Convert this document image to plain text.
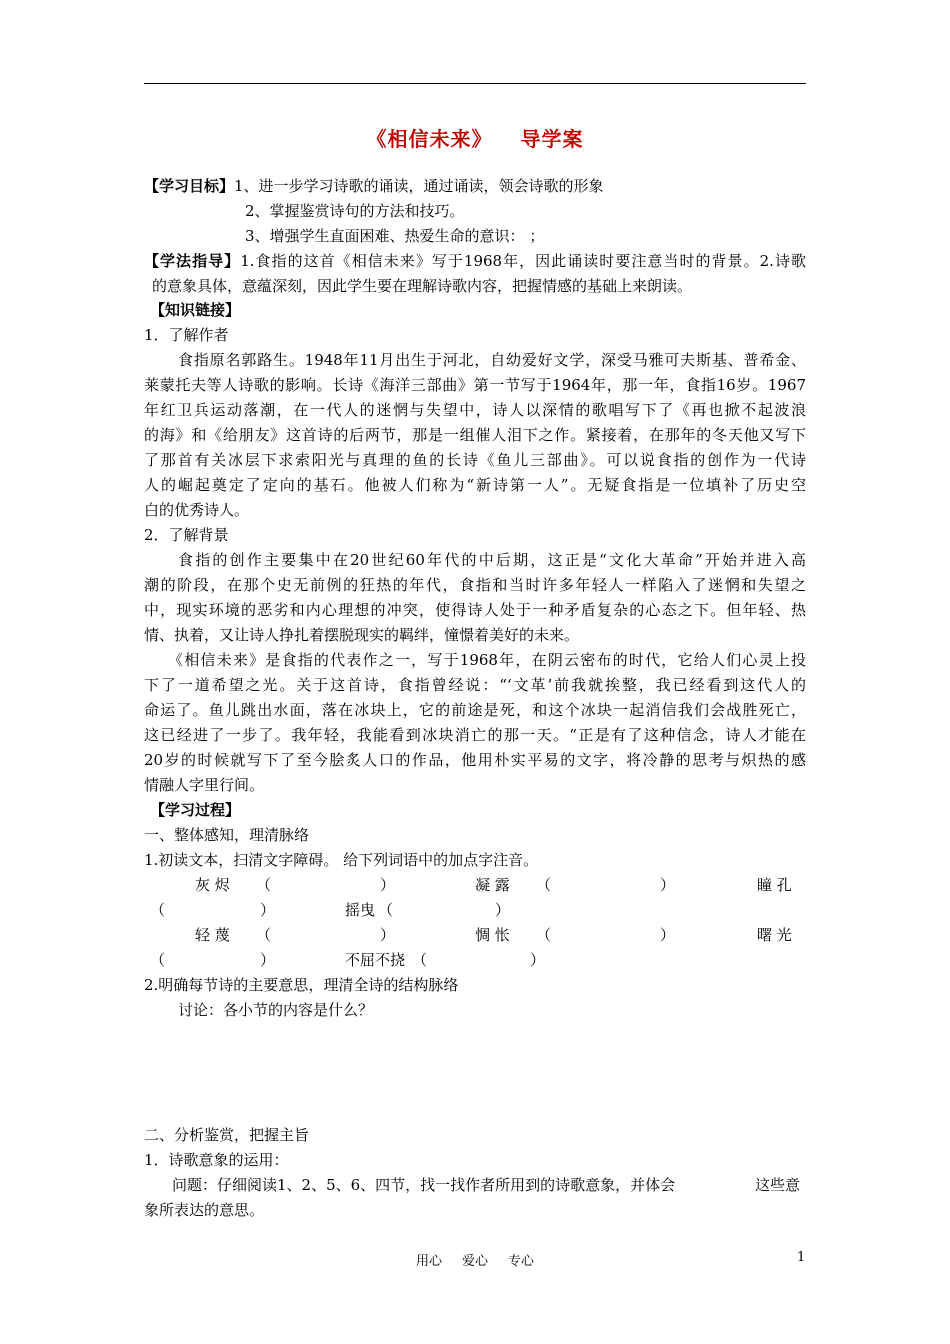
《相信未来》 导学案
【学习目标】1、进一步学习诗歌的诵读，通过诵读，领会诗歌的形象
2、掌握鉴赏诗句的方法和技巧。
3、增强学生直面困难、热爱生命的意识： ；
【学法指导】1.食指的这首《相信未来》写于1968年，因此诵读时要注意当时的背景。2.诗歌
的意象具体，意蕴深刻，因此学生要在理解诗歌内容，把握情感的基础上来朗读。
【知识链接】
1．了解作者
食指原名郭路生。1948年11月出生于河北，自幼爱好文学，深受马雅可夫斯基、普希金、
莱蒙托夫等人诗歌的影响。长诗《海洋三部曲》第一节写于1964年，那一年，食指16岁。1967
年红卫兵运动落潮，在一代人的迷惘与失望中，诗人以深情的歌唱写下了《再也掀不起波浪
的海》和《给朋友》这首诗的后两节，那是一组催人泪下之作。紧接着，在那年的冬天他又写下
了那首有关冰层下求索阳光与真理的鱼的长诗《鱼儿三部曲》。可以说食指的创作为一代诗
人的崛起奠定了定向的基石。他被人们称为“新诗第一人”。无疑食指是一位填补了历史空
白的优秀诗人。
2．了解背景
食指的创作主要集中在20世纪60年代的中后期，这正是“文化大革命”开始并进入高
潮的阶段，在那个史无前例的狂热的年代，食指和当时许多年轻人一样陷入了迷惘和失望之
中，现实环境的恶劣和内心理想的冲突，使得诗人处于一种矛盾复杂的心态之下。但年轻、热
情、执着，又让诗人挣扎着摆脱现实的羁绊，憧憬着美好的未来。
《相信未来》是食指的代表作之一，写于1968年，在阴云密布的时代，它给人们心灵上投
下了一道希望之光。关于这首诗，食指曾经说：“‘文革’前我就挨整，我已经看到这代人的
命运了。鱼儿跳出水面，落在冰块上，它的前途是死，和这个冰块一起消信我们会战胜死亡，
这已经进了一步了。我年轻，我能看到冰块消亡的那一天。“正是有了这种信念，诗人才能在
20岁的时候就写下了至今脍炙人口的作品，他用朴实平易的文字，将冷静的思考与炽热的感
情融人字里行间。
【学习过程】
一、整体感知，理清脉络
1.初读文本，扫清文字障碍。 给下列词语中的加点字注音。
灰 烬 （	）	凝 露 （	）	瞳 孔
（	）	摇曳 （	）
轻 蔑 （	）	惆 怅 （	）	曙 光
（	）	不屈不挠 （	）
2.明确每节诗的主要意思，理清全诗的结构脉络
讨论：各小节的内容是什么？
二、分析鉴赏，把握主旨
1．诗歌意象的运用：
问题：仔细阅读1、2、5、6、四节，找一找作者所用到的诗歌意象，并体会	这些意
象所表达的意思。
用心 爱心 专心	1
